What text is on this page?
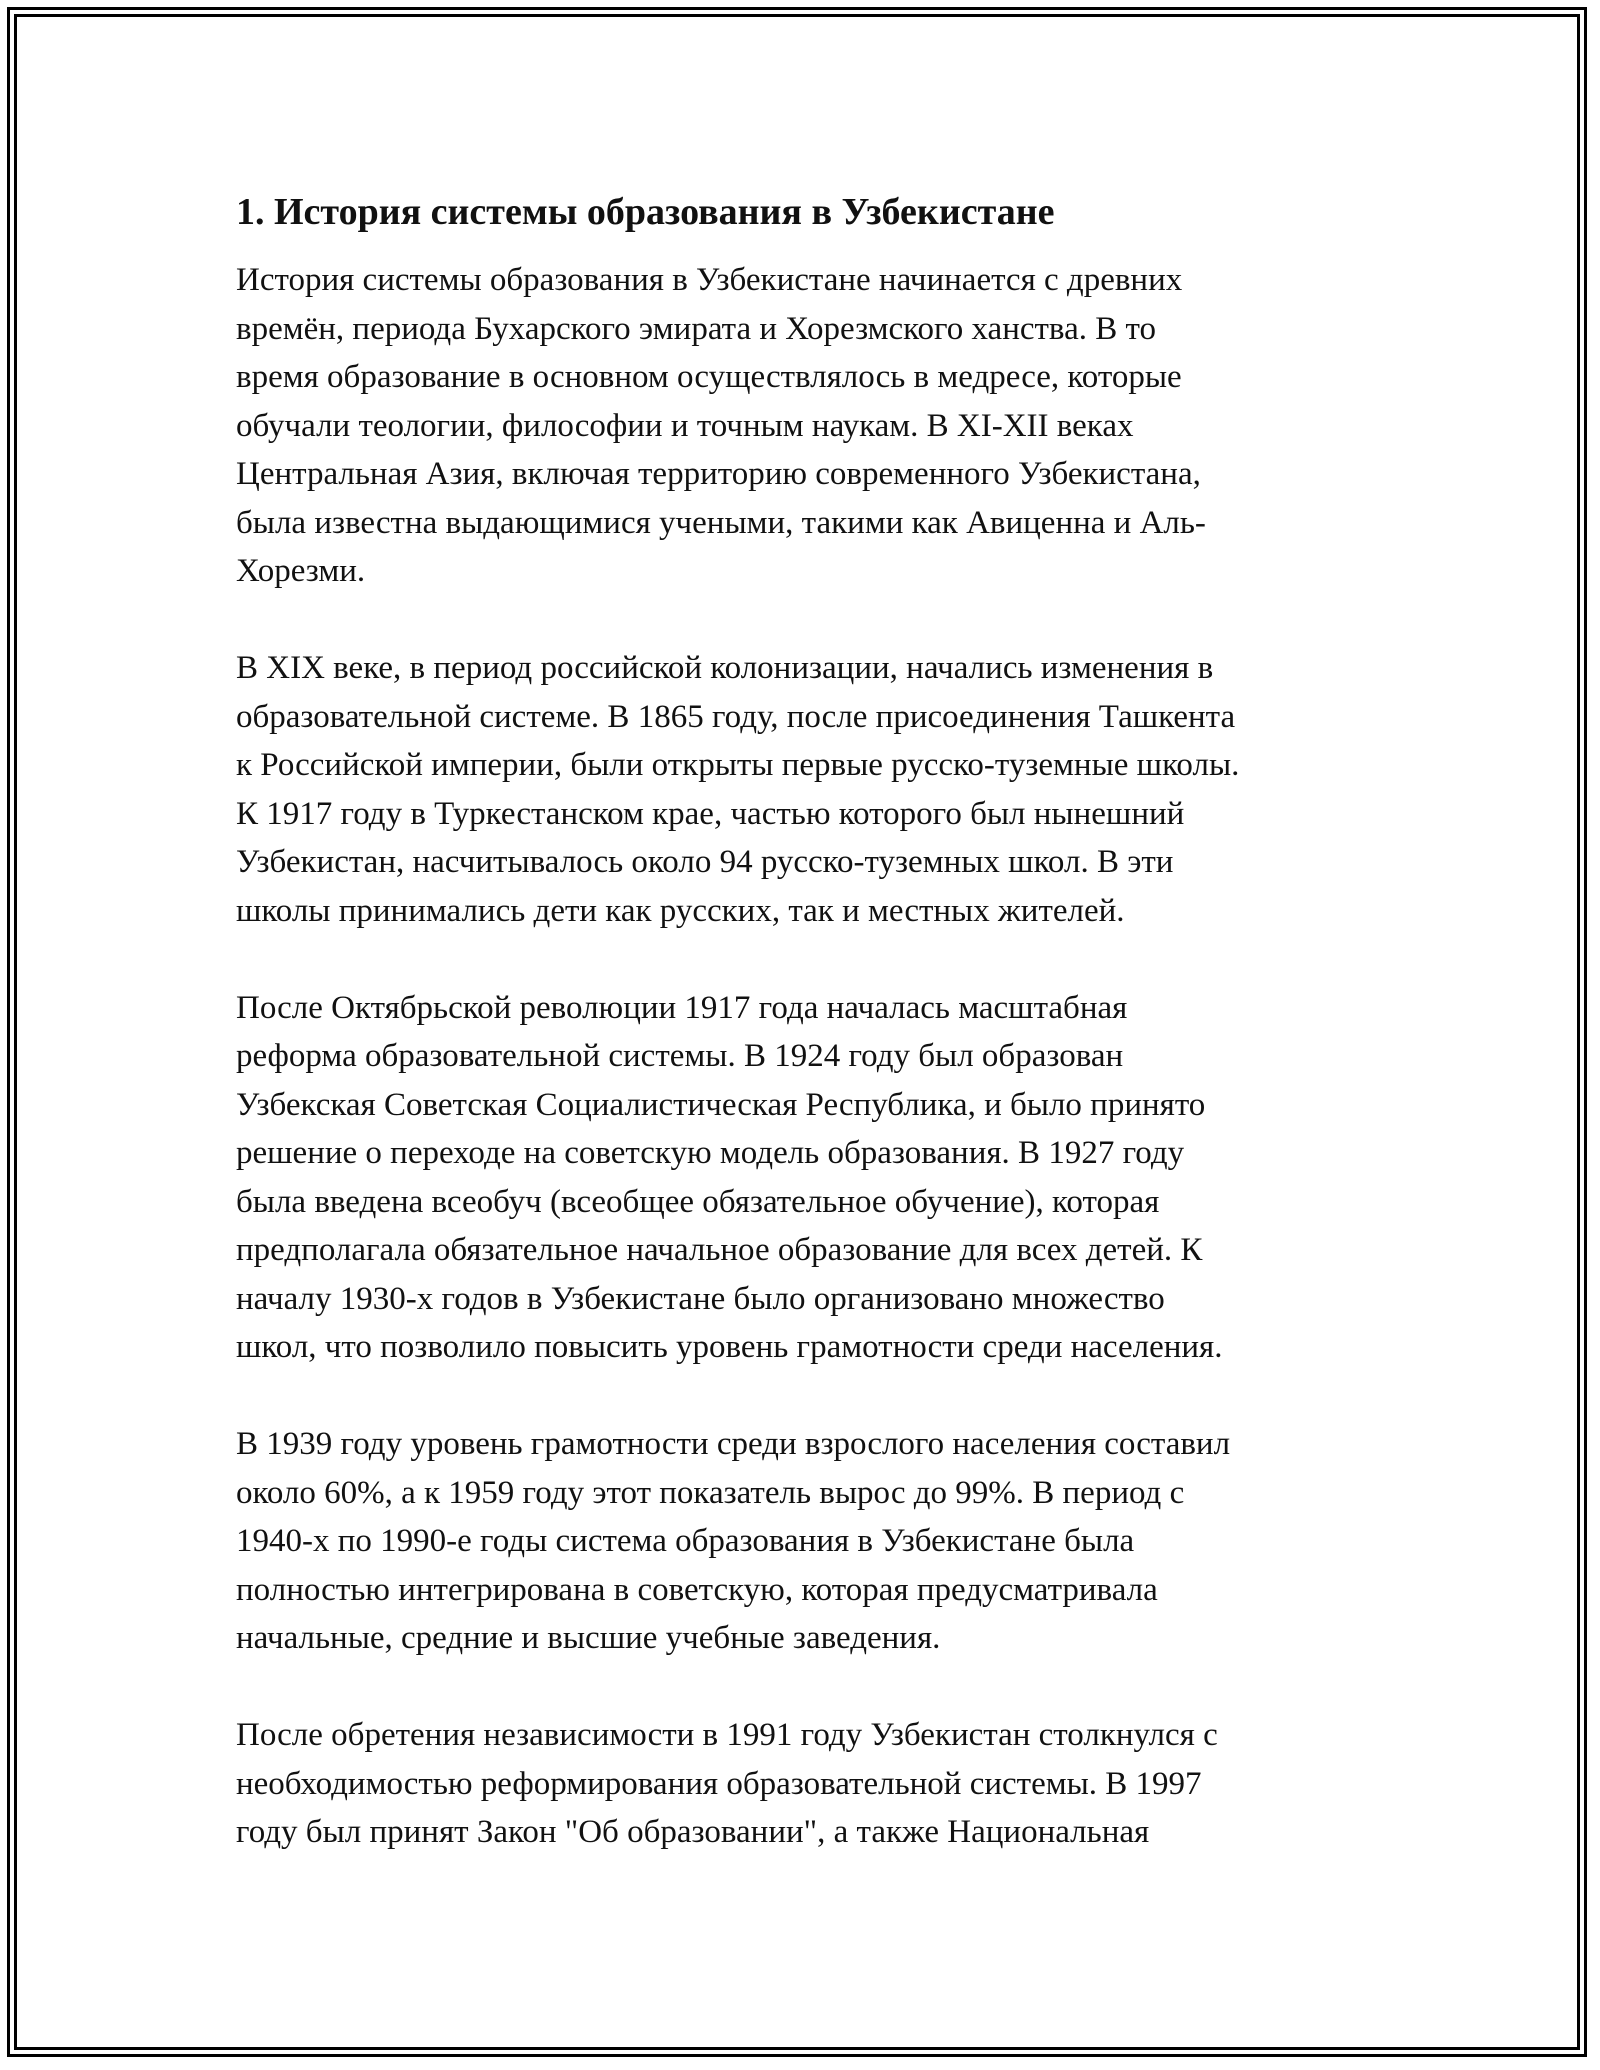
1. История системы образования в Узбекистане

История системы образования в Узбекистане начинается с древних
времён, периода Бухарского эмирата и Хорезмского ханства. В то
время образование в основном осуществлялось в медресе, которые
обучали теологии, философии и точным наукам. В XI-XII веках
Центральная Азия, включая территорию современного Узбекистана,
была известна выдающимися учеными, такими как Авиценна и Аль-
Хорезми.

В XIX веке, в период российской колонизации, начались изменения в
образовательной системе. В 1865 году, после присоединения Ташкента
к Российской империи, были открыты первые русско-туземные школы.
К 1917 году в Туркестанском крае, частью которого был нынешний
Узбекистан, насчитывалось около 94 русско-туземных школ. В эти
школы принимались дети как русских, так и местных жителей.

После Октябрьской революции 1917 года началась масштабная
реформа образовательной системы. В 1924 году был образован
Узбекская Советская Социалистическая Республика, и было принято
решение о переходе на советскую модель образования. В 1927 году
была введена всеобуч (всеобщее обязательное обучение), которая
предполагала обязательное начальное образование для всех детей. К
началу 1930-х годов в Узбекистане было организовано множество
школ, что позволило повысить уровень грамотности среди населения.

В 1939 году уровень грамотности среди взрослого населения составил
около 60%, а к 1959 году этот показатель вырос до 99%. В период с
1940-х по 1990-е годы система образования в Узбекистане была
полностью интегрирована в советскую, которая предусматривала
начальные, средние и высшие учебные заведения.

После обретения независимости в 1991 году Узбекистан столкнулся с
необходимостью реформирования образовательной системы. В 1997
году был принят Закон "Об образовании", а также Национальная
